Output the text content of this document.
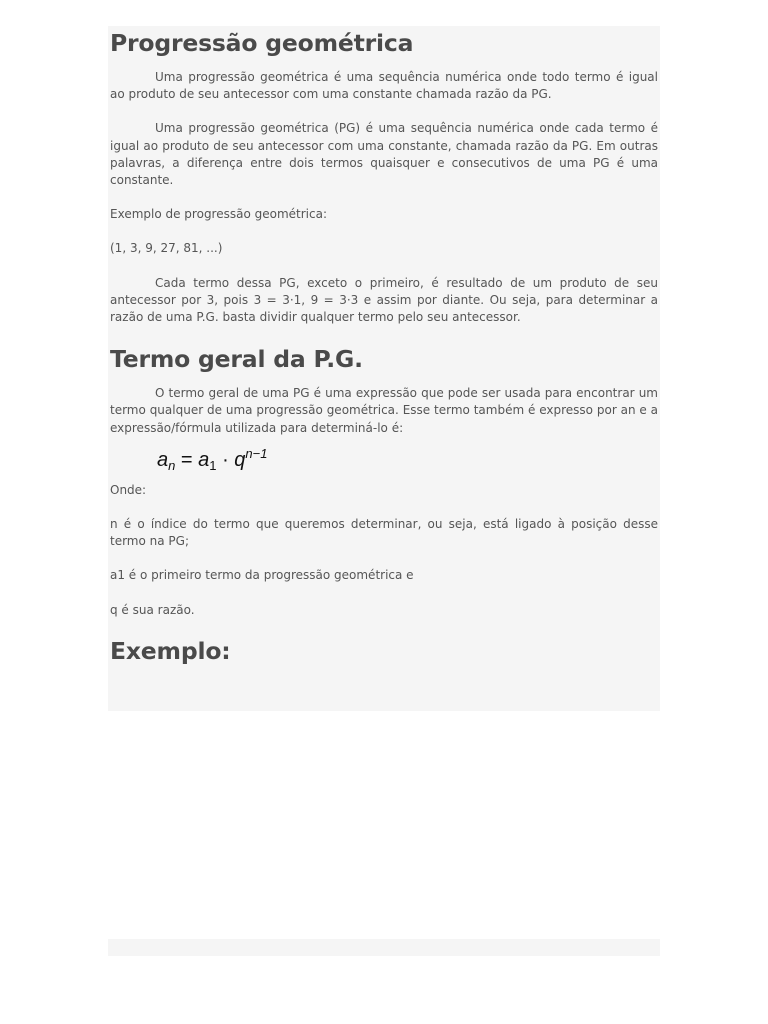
Progressão geométrica

Uma progressão geométrica é uma sequência numérica onde todo termo é igual ao produto de seu antecessor com uma constante chamada razão da PG.

Uma progressão geométrica (PG) é uma sequência numérica onde cada termo é igual ao produto de seu antecessor com uma constante, chamada razão da PG. Em outras palavras, a diferença entre dois termos quaisquer e consecutivos de uma PG é uma constante.

Exemplo de progressão geométrica:

(1, 3, 9, 27, 81, ...)

Cada termo dessa PG, exceto o primeiro, é resultado de um produto de seu antecessor por 3, pois 3 = 3·1, 9 = 3·3 e assim por diante. Ou seja, para determinar a razão de uma P.G. basta dividir qualquer termo pelo seu antecessor.

Termo geral da P.G.

O termo geral de uma PG é uma expressão que pode ser usada para encontrar um termo qualquer de uma progressão geométrica. Esse termo também é expresso por an e a expressão/fórmula utilizada para determiná-lo é:

$a_n = a_1 \cdot q^{n-1}$

Onde:

n é o índice do termo que queremos determinar, ou seja, está ligado à posição desse termo na PG;

a1 é o primeiro termo da progressão geométrica e

q é sua razão.

Exemplo:
